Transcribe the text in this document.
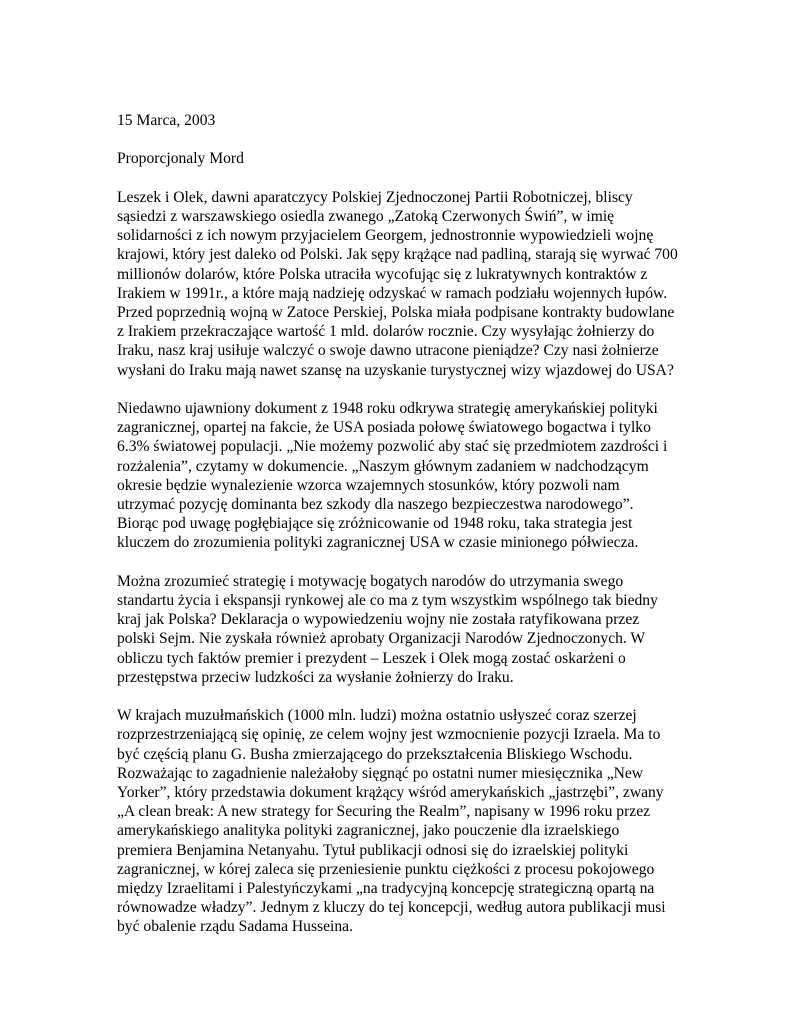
15 Marca, 2003

Proporcjonaly Mord

Leszek i Olek, dawni aparatczycy Polskiej Zjednoczonej Partii Robotniczej, bliscy
sąsiedzi z warszawskiego osiedla zwanego „Zatoką Czerwonych Świń”, w imię
solidarności z ich nowym przyjacielem Georgem, jednostronnie wypowiedzieli wojnę
krajowi, który jest daleko od Polski. Jak sępy krążące nad padliną, starają się wyrwać 700
millionów dolarów, które Polska utraciła wycofując się z lukratywnych kontraktów z
Irakiem w 1991r., a które mają nadzieję odzyskać w ramach podziału wojennych łupów.
Przed poprzednią wojną w Zatoce Perskiej, Polska miała podpisane kontrakty budowlane
z Irakiem przekraczające wartość 1 mld. dolarów rocznie. Czy wysyłając żołnierzy do
Iraku, nasz kraj usiłuje walczyć o swoje dawno utracone pieniądze? Czy nasi żołnierze
wysłani do Iraku mają nawet szansę na uzyskanie turystycznej wizy wjazdowej do USA?

Niedawno ujawniony dokument z 1948 roku odkrywa strategię amerykańskiej polityki
zagranicznej, opartej na fakcie, że USA posiada połowę światowego bogactwa i tylko
6.3% światowej populacji. „Nie możemy pozwolić aby stać się przedmiotem zazdrości i
rozżalenia”, czytamy w dokumencie. „Naszym głównym zadaniem w nadchodzącym
okresie będzie wynalezienie wzorca wzajemnych stosunków, który pozwoli nam
utrzymać pozycję dominanta bez szkody dla naszego bezpieczestwa narodowego”.
Biorąc pod uwagę pogłębiające się zróżnicowanie od 1948 roku, taka strategia jest
kluczem do zrozumienia polityki zagranicznej USA w czasie minionego półwiecza.

Można zrozumieć strategię i motywację bogatych narodów do utrzymania swego
standartu życia i ekspansji rynkowej ale co ma z tym wszystkim wspólnego tak biedny
kraj jak Polska? Deklaracja o wypowiedzeniu wojny nie została ratyfikowana przez
polski Sejm. Nie zyskała również aprobaty Organizacji Narodów Zjednoczonych. W
obliczu tych faktów premier i prezydent – Leszek i Olek mogą zostać oskarżeni o
przestępstwa przeciw ludzkości za wysłanie żołnierzy do Iraku.

W krajach muzułmańskich (1000 mln. ludzi) można ostatnio usłyszeć coraz szerzej
rozprzestrzeniającą się opinię, ze celem wojny jest wzmocnienie pozycji Izraela. Ma to
być częścią planu G. Busha zmierzającego do przekształcenia Bliskiego Wschodu.
Rozważając to zagadnienie należałoby sięgnąć po ostatni numer miesięcznika „New
Yorker”, który przedstawia dokument krążący wśród amerykańskich „jastrzębi”, zwany
„A clean break: A new strategy for Securing the Realm”, napisany w 1996 roku przez
amerykańskiego analityka polityki zagranicznej, jako pouczenie dla izraelskiego
premiera Benjamina Netanyahu. Tytuł publikacji odnosi się do izraelskiej polityki
zagranicznej, w kórej zaleca się przeniesienie punktu ciężkości z procesu pokojowego
między Izraelitami i Palestyńczykami „na tradycyjną koncepcję strategiczną opartą na
równowadze władzy”. Jednym z kluczy do tej koncepcji, według autora publikacji musi
być obalenie rządu Sadama Husseina.
